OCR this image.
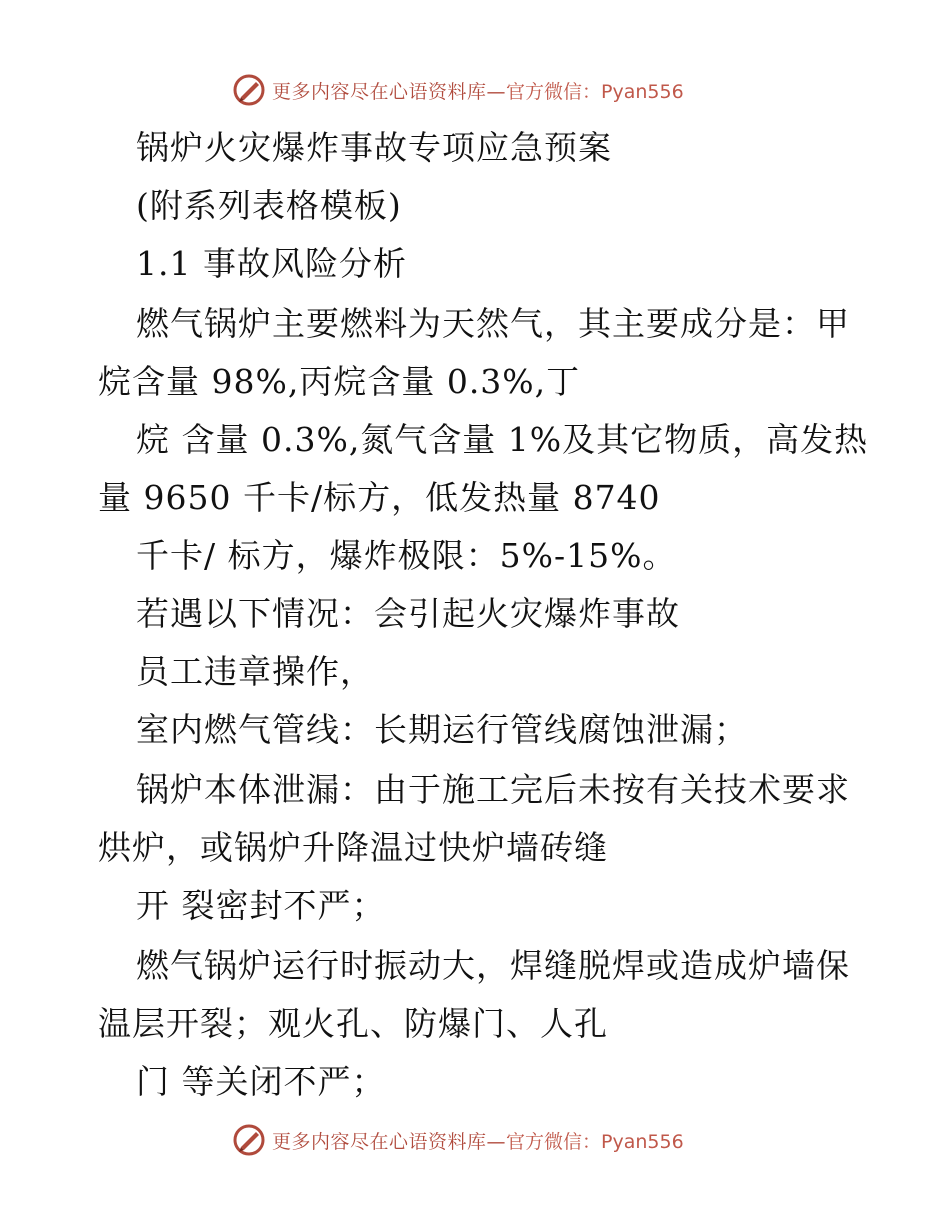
更多内容尽在心语资料库— 官方微信：Pyan556
锅炉火灾爆炸事故专项应急预案
(附系列表格模板)
1.1 事故风险分析
燃气锅炉主要燃料为天然气，其主要成分是：甲
烷含量 98%,丙烷含量 0.3%,丁
烷 含量 0.3%,氮气含量 1%及其它物质，高发热
量 9650 千卡/标方，低发热量 8740
千卡/ 标方，爆炸极限：5%-15%。
若遇以下情况：会引起火灾爆炸事故
员工违章操作，
室内燃气管线：长期运行管线腐蚀泄漏；
锅炉本体泄漏：由于施工完后未按有关技术要求
烘炉，或锅炉升降温过快炉墙砖缝
开 裂密封不严；
燃气锅炉运行时振动大，焊缝脱焊或造成炉墙保
温层开裂；观火孔、防爆门、人孔
门 等关闭不严；
更多内容尽在心语资料库— 官方微信：Pyan556
